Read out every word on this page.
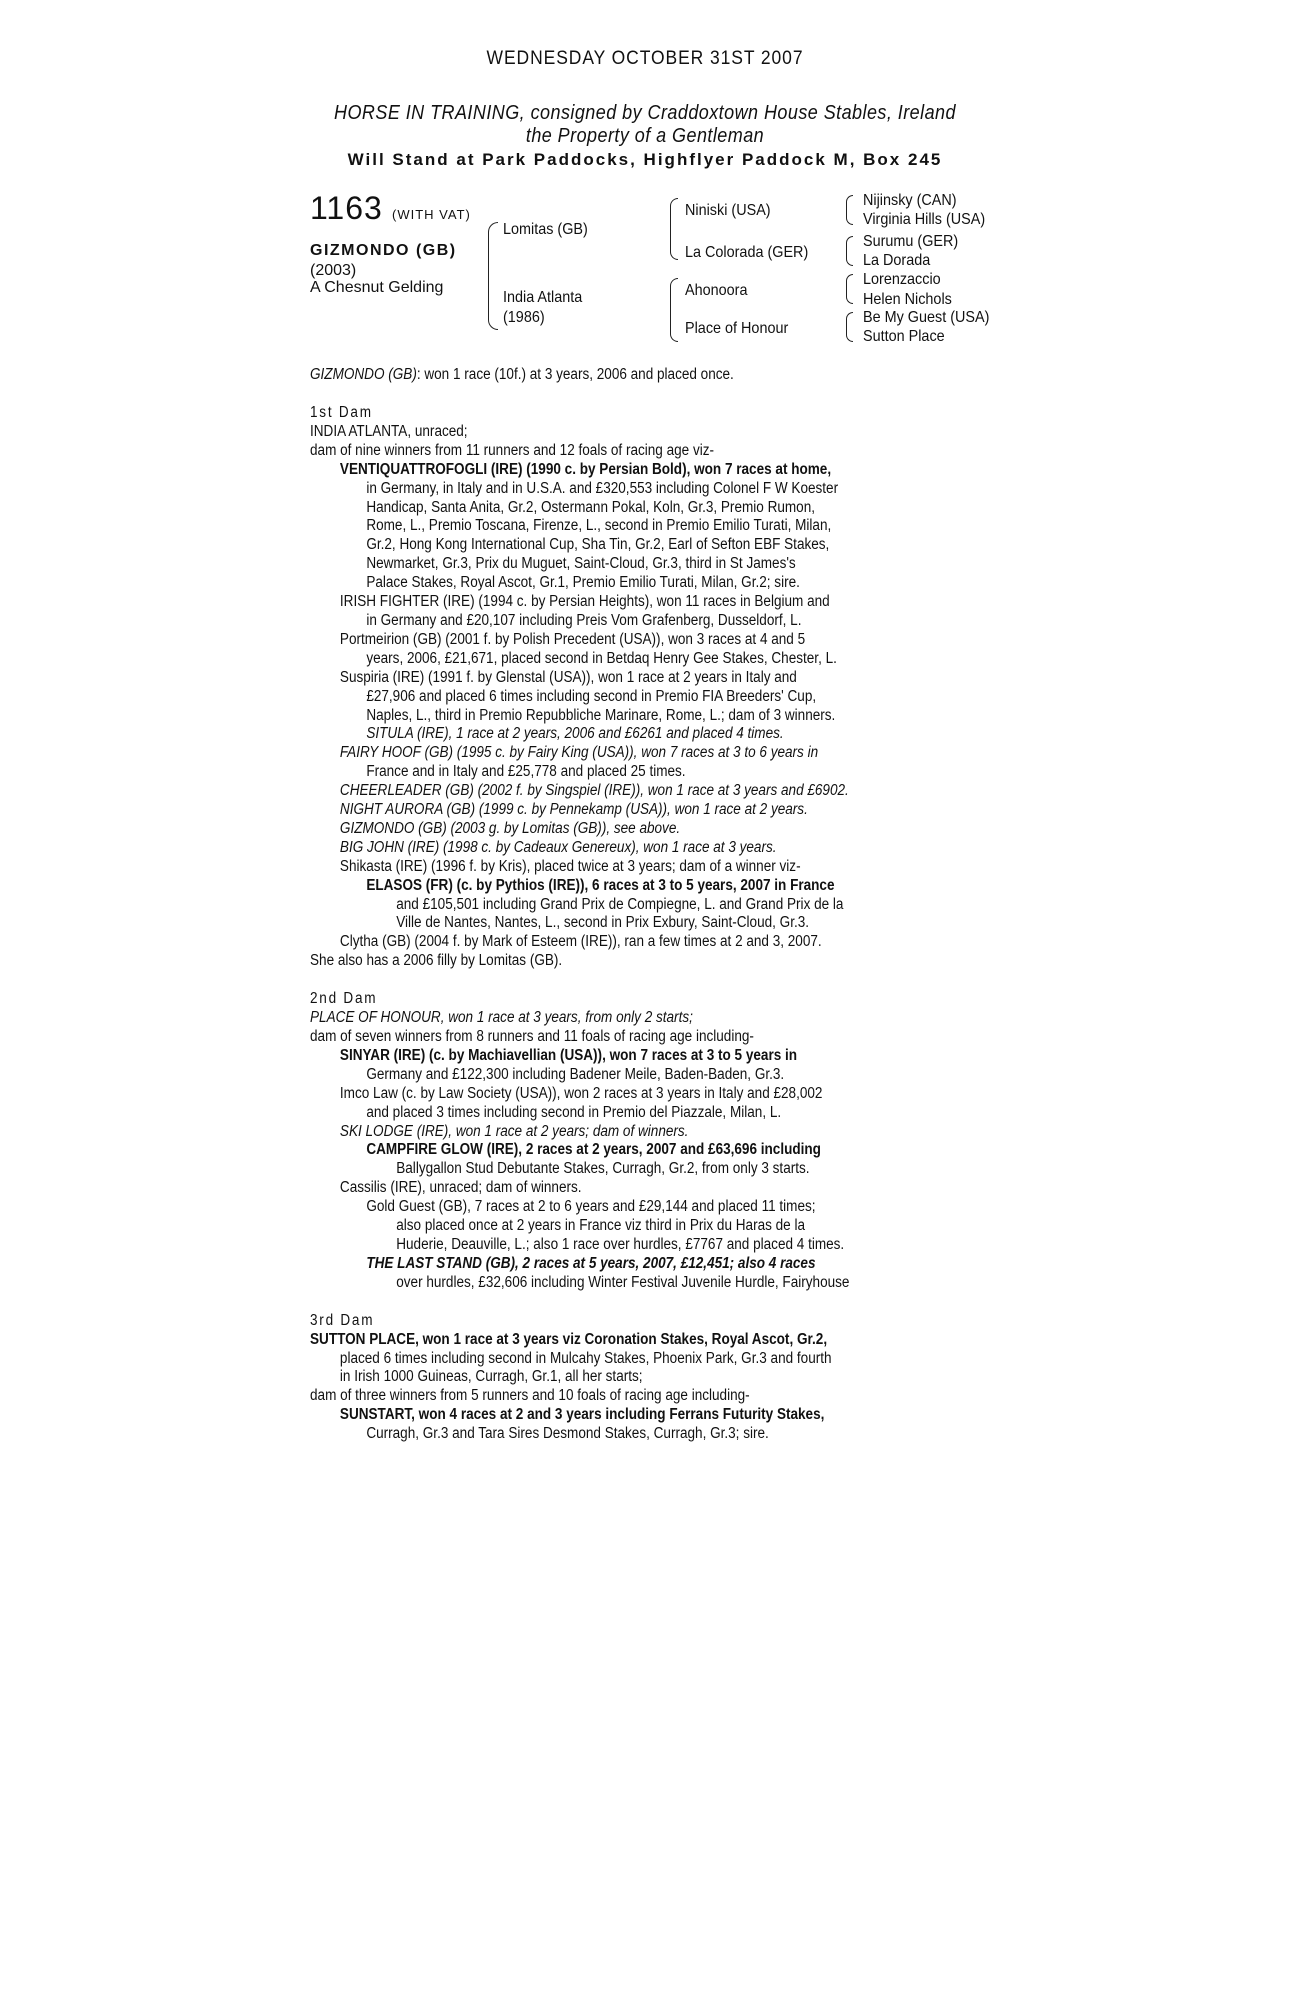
WEDNESDAY OCTOBER 31ST 2007
HORSE IN TRAINING, consigned by Craddoxtown House Stables, Ireland
the Property of a Gentleman
Will Stand at Park Paddocks, Highflyer Paddock M, Box 245
1163 (WITH VAT)
GIZMONDO (GB)
(2003)
A Chesnut Gelding
Lomitas (GB)
India Atlanta
(1986)
Niniski (USA)
La Colorada (GER)
Ahonoora
Place of Honour
Nijinsky (CAN)
Virginia Hills (USA)
Surumu (GER)
La Dorada
Lorenzaccio
Helen Nichols
Be My Guest (USA)
Sutton Place
GIZMONDO (GB): won 1 race (10f.) at 3 years, 2006 and placed once.

1st Dam

INDIA ATLANTA, unraced;

dam of nine winners from 11 runners and 12 foals of racing age viz-

VENTIQUATTROFOGLI (IRE) (1990 c. by Persian Bold), won 7 races at home,

in Germany, in Italy and in U.S.A. and £320,553 including Colonel F W Koester

Handicap, Santa Anita, Gr.2, Ostermann Pokal, Koln, Gr.3, Premio Rumon,

Rome, L., Premio Toscana, Firenze, L., second in Premio Emilio Turati, Milan,

Gr.2, Hong Kong International Cup, Sha Tin, Gr.2, Earl of Sefton EBF Stakes,

Newmarket, Gr.3, Prix du Muguet, Saint-Cloud, Gr.3, third in St James's

Palace Stakes, Royal Ascot, Gr.1, Premio Emilio Turati, Milan, Gr.2; sire.

IRISH FIGHTER (IRE) (1994 c. by Persian Heights), won 11 races in Belgium and

in Germany and £20,107 including Preis Vom Grafenberg, Dusseldorf, L.

Portmeirion (GB) (2001 f. by Polish Precedent (USA)), won 3 races at 4 and 5

years, 2006, £21,671, placed second in Betdaq Henry Gee Stakes, Chester, L.

Suspiria (IRE) (1991 f. by Glenstal (USA)), won 1 race at 2 years in Italy and

£27,906 and placed 6 times including second in Premio FIA Breeders' Cup,

Naples, L., third in Premio Repubbliche Marinare, Rome, L.; dam of 3 winners.

SITULA (IRE), 1 race at 2 years, 2006 and £6261 and placed 4 times.

FAIRY HOOF (GB) (1995 c. by Fairy King (USA)), won 7 races at 3 to 6 years in

France and in Italy and £25,778 and placed 25 times.

CHEERLEADER (GB) (2002 f. by Singspiel (IRE)), won 1 race at 3 years and £6902.

NIGHT AURORA (GB) (1999 c. by Pennekamp (USA)), won 1 race at 2 years.

GIZMONDO (GB) (2003 g. by Lomitas (GB)), see above.

BIG JOHN (IRE) (1998 c. by Cadeaux Genereux), won 1 race at 3 years.

Shikasta (IRE) (1996 f. by Kris), placed twice at 3 years; dam of a winner viz-

ELASOS (FR) (c. by Pythios (IRE)), 6 races at 3 to 5 years, 2007 in France

and £105,501 including Grand Prix de Compiegne, L. and Grand Prix de la

Ville de Nantes, Nantes, L., second in Prix Exbury, Saint-Cloud, Gr.3.

Clytha (GB) (2004 f. by Mark of Esteem (IRE)), ran a few times at 2 and 3, 2007.

She also has a 2006 filly by Lomitas (GB).

2nd Dam

PLACE OF HONOUR, won 1 race at 3 years, from only 2 starts;

dam of seven winners from 8 runners and 11 foals of racing age including-

SINYAR (IRE) (c. by Machiavellian (USA)), won 7 races at 3 to 5 years in

Germany and £122,300 including Badener Meile, Baden-Baden, Gr.3.

Imco Law (c. by Law Society (USA)), won 2 races at 3 years in Italy and £28,002

and placed 3 times including second in Premio del Piazzale, Milan, L.

SKI LODGE (IRE), won 1 race at 2 years; dam of winners.

CAMPFIRE GLOW (IRE), 2 races at 2 years, 2007 and £63,696 including

Ballygallon Stud Debutante Stakes, Curragh, Gr.2, from only 3 starts.

Cassilis (IRE), unraced; dam of winners.

Gold Guest (GB), 7 races at 2 to 6 years and £29,144 and placed 11 times;

also placed once at 2 years in France viz third in Prix du Haras de la

Huderie, Deauville, L.; also 1 race over hurdles, £7767 and placed 4 times.

THE LAST STAND (GB), 2 races at 5 years, 2007, £12,451; also 4 races

over hurdles, £32,606 including Winter Festival Juvenile Hurdle, Fairyhouse

3rd Dam

SUTTON PLACE, won 1 race at 3 years viz Coronation Stakes, Royal Ascot, Gr.2,

placed 6 times including second in Mulcahy Stakes, Phoenix Park, Gr.3 and fourth

in Irish 1000 Guineas, Curragh, Gr.1, all her starts;

dam of three winners from 5 runners and 10 foals of racing age including-

SUNSTART, won 4 races at 2 and 3 years including Ferrans Futurity Stakes,

Curragh, Gr.3 and Tara Sires Desmond Stakes, Curragh, Gr.3; sire.
